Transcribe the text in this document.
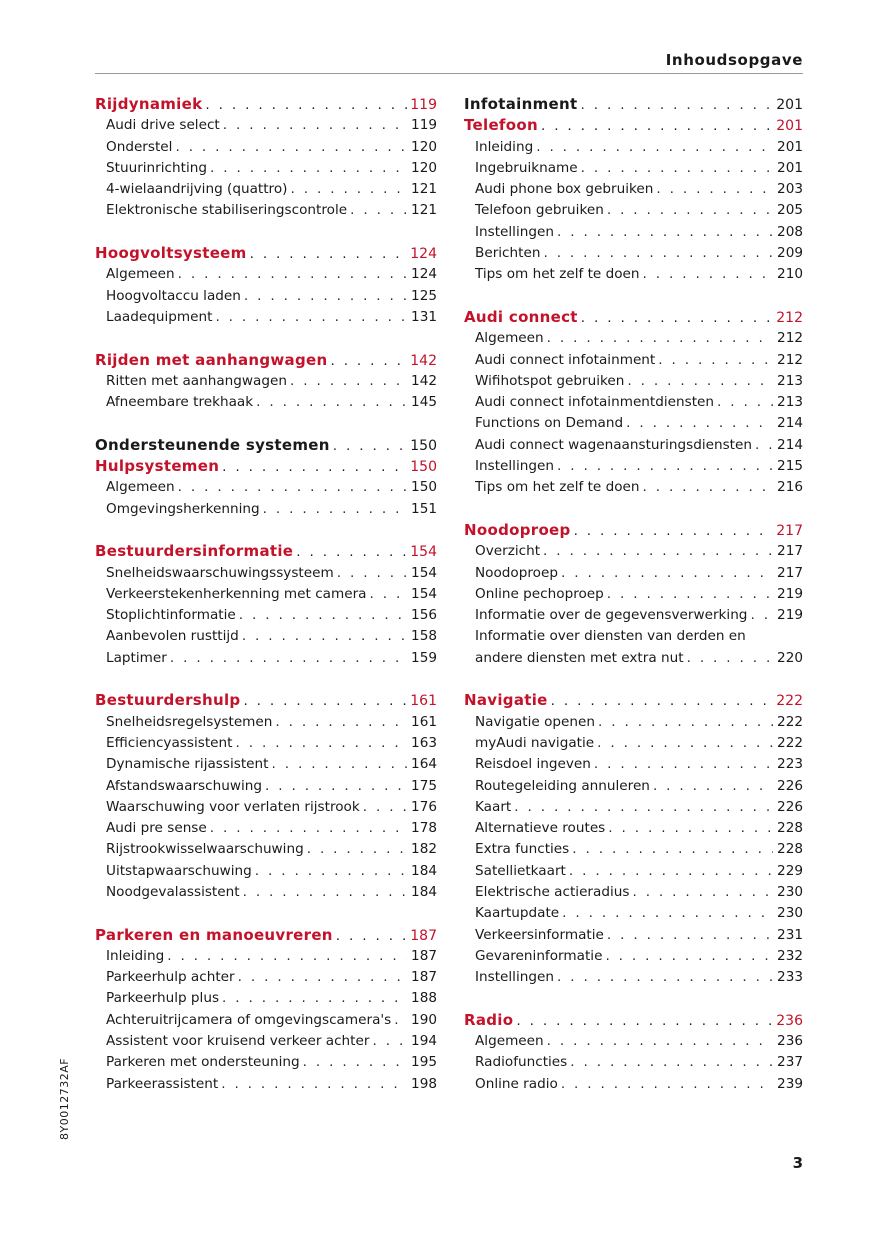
Inhoudsopgave
Rijdynamiek . . .	119
Audi drive select . . .	119
Onderstel . . .	120
Stuurinrichting . . .	120
4-wielaandrijving (quattro) . . .	121
Elektronische stabiliseringscontrole . . .	121
Hoogvoltsysteem . . .	124
Algemeen . . .	124
Hoogvoltaccu laden . . .	125
Laadequipment . . .	131
Rijden met aanhangwagen . . .	142
Ritten met aanhangwagen . . .	142
Afneembare trekhaak . . .	145
Ondersteunende systemen . . .	150
Hulpsystemen . . .	150
Algemeen . . .	150
Omgevingsherkenning . . .	151
Bestuurdersinformatie . . .	154
Snelheidswaarschuwingssysteem . . .	154
Verkeerstekenherkenning met camera . . .	154
Stoplichtinformatie . . .	156
Aanbevolen rusttijd . . .	158
Laptimer . . .	159
Bestuurdershulp . . .	161
Snelheidsregelsystemen . . .	161
Efficiencyassistent . . .	163
Dynamische rijassistent . . .	164
Afstandswaarschuwing . . .	175
Waarschuwing voor verlaten rijstrook . . .	176
Audi pre sense . . .	178
Rijstrookwisselwaarschuwing . . .	182
Uitstapwaarschuwing . . .	184
Noodgevalassistent . . .	184
Parkeren en manoeuvreren . . .	187
Inleiding . . .	187
Parkeerhulp achter . . .	187
Parkeerhulp plus . . .	188
Achteruitrijcamera of omgevingscamera's . . . 190
Assistent voor kruisend verkeer achter . . .	194
Parkeren met ondersteuning . . .	195
Parkeerassistent . . .	198
Infotainment . . .	201
Telefoon . . .	201
Inleiding . . .	201
Ingebruikname . . .	201
Audi phone box gebruiken . . .	203
Telefoon gebruiken . . .	205
Instellingen . . .	208
Berichten . . .	209
Tips om het zelf te doen . . .	210
Audi connect . . .	212
Algemeen . . .	212
Audi connect infotainment . . .	212
Wifihotspot gebruiken . . .	213
Audi connect infotainmentdiensten . . .	213
Functions on Demand . . .	214
Audi connect wagenaansturingsdiensten . . . 214
Instellingen . . .	215
Tips om het zelf te doen . . .	216
Noodoproep . . .	217
Overzicht . . .	217
Noodoproep . . .	217
Online pechoproep . . .	219
Informatie over de gegevensverwerking . . . 219
Informatie over diensten van derden en
andere diensten met extra nut . . .	220
Navigatie . . .	222
Navigatie openen . . .	222
myAudi navigatie . . .	222
Reisdoel ingeven . . .	223
Routegeleiding annuleren . . .	226
Kaart . . .	226
Alternatieve routes . . .	228
Extra functies . . .	228
Satellietkaart . . .	229
Elektrische actieradius . . .	230
Kaartupdate . . .	230
Verkeersinformatie . . .	231
Gevareninformatie . . .	232
Instellingen . . .	233
Radio . . .	236
Algemeen . . .	236
Radiofuncties . . .	237
Online radio . . .	239
8Y0012732AF
3
